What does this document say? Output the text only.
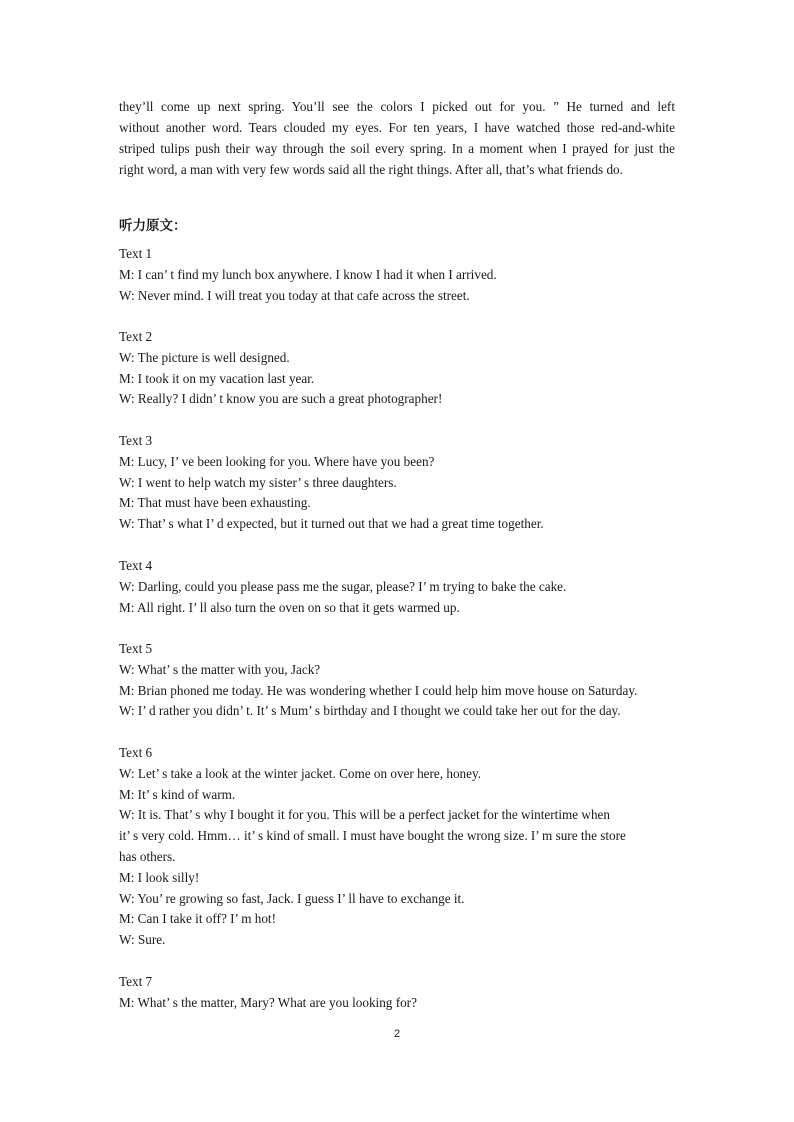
they’ll come up next spring. You’ll see the colors I picked out for you. ” He turned and left
without another word. Tears clouded my eyes. For ten years, I have watched those red-and-white
striped tulips push their way through the soil every spring. In a moment when I prayed for just the
right word, a man with very few words said all the right things. After all, that’s what friends do.
听力原文：
Text 1
M: I can’ t find my lunch box anywhere. I know I had it when I arrived.
W: Never mind. I will treat you today at that cafe across the street.
Text 2
W: The picture is well designed.
M: I took it on my vacation last year.
W: Really? I didn’ t know you are such a great photographer!
Text 3
M: Lucy, I’ ve been looking for you. Where have you been?
W: I went to help watch my sister’ s three daughters.
M: That must have been exhausting.
W: That’ s what I’ d expected, but it turned out that we had a great time together.
Text 4
W: Darling, could you please pass me the sugar, please? I’ m trying to bake the cake.
M: All right. I’ ll also turn the oven on so that it gets warmed up.
Text 5
W: What’ s the matter with you, Jack?
M: Brian phoned me today. He was wondering whether I could help him move house on Saturday.
W: I’ d rather you didn’ t. It’ s Mum’ s birthday and I thought we could take her out for the day.
Text 6
W: Let’ s take a look at the winter jacket. Come on over here, honey.
M: It’ s kind of warm.
W: It is. That’ s why I bought it for you. This will be a perfect jacket for the wintertime when
it’ s very cold. Hmm… it’ s kind of small. I must have bought the wrong size. I’ m sure the store
has others.
M: I look silly!
W: You’ re growing so fast, Jack. I guess I’ ll have to exchange it.
M: Can I take it off? I’ m hot!
W: Sure.
Text 7
M: What’ s the matter, Mary? What are you looking for?
2
